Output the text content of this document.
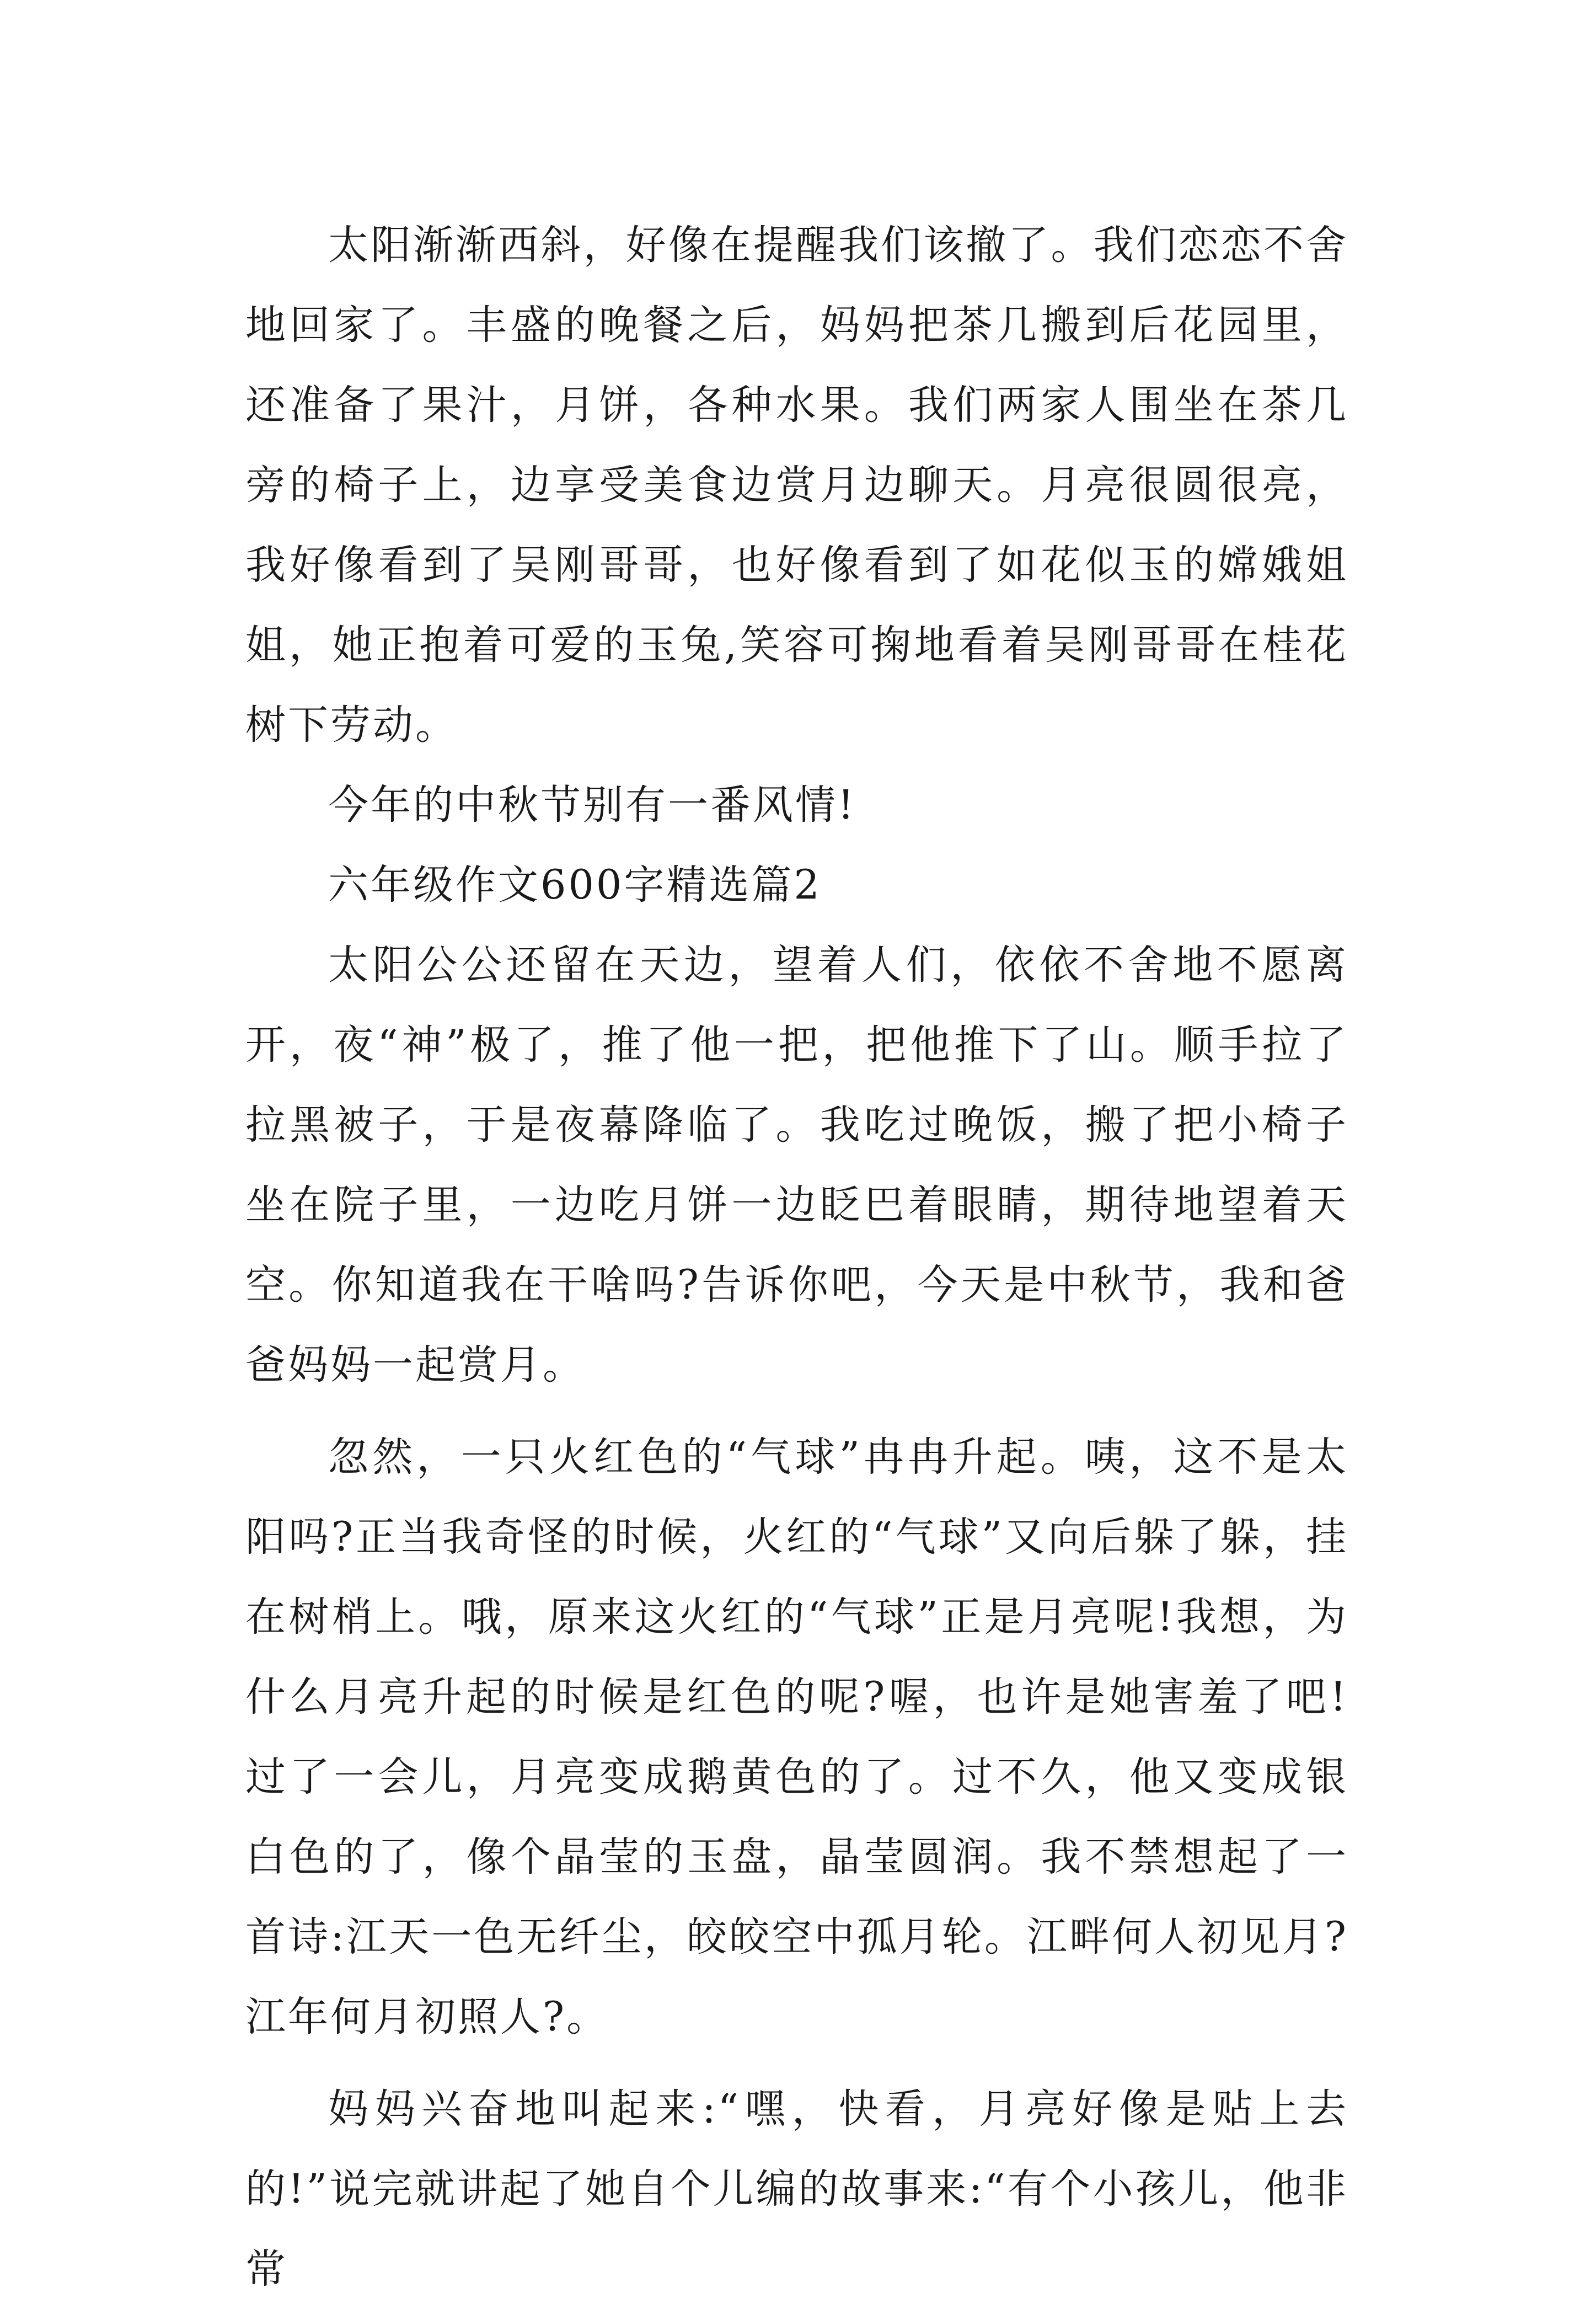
太阳渐渐西斜，好像在提醒我们该撤了。我们恋恋不舍地回家了。丰盛的晚餐之后，妈妈把茶几搬到后花园里，还准备了果汁，月饼，各种水果。我们两家人围坐在茶几旁的椅子上，边享受美食边赏月边聊天。月亮很圆很亮，我好像看到了吴刚哥哥，也好像看到了如花似玉的嫦娥姐姐，她正抱着可爱的玉兔,笑容可掬地看着吴刚哥哥在桂花树下劳动。

今年的中秋节别有一番风情!

六年级作文600字精选篇2

太阳公公还留在天边，望着人们，依依不舍地不愿离开，夜“神”极了，推了他一把，把他推下了山。顺手拉了拉黑被子，于是夜幕降临了。我吃过晚饭，搬了把小椅子坐在院子里，一边吃月饼一边眨巴着眼睛，期待地望着天空。你知道我在干啥吗?告诉你吧，今天是中秋节，我和爸爸妈妈一起赏月。

忽然，一只火红色的“气球”冉冉升起。咦，这不是太阳吗?正当我奇怪的时候，火红的“气球”又向后躲了躲，挂在树梢上。哦，原来这火红的“气球”正是月亮呢!我想，为什么月亮升起的时候是红色的呢?喔，也许是她害羞了吧!过了一会儿，月亮变成鹅黄色的了。过不久，他又变成银白色的了，像个晶莹的玉盘，晶莹圆润。我不禁想起了一首诗:江天一色无纤尘，皎皎空中孤月轮。江畔何人初见月?江年何月初照人?。

妈妈兴奋地叫起来:“嘿，快看，月亮好像是贴上去的!”说完就讲起了她自个儿编的故事来:“有个小孩儿，他非常
